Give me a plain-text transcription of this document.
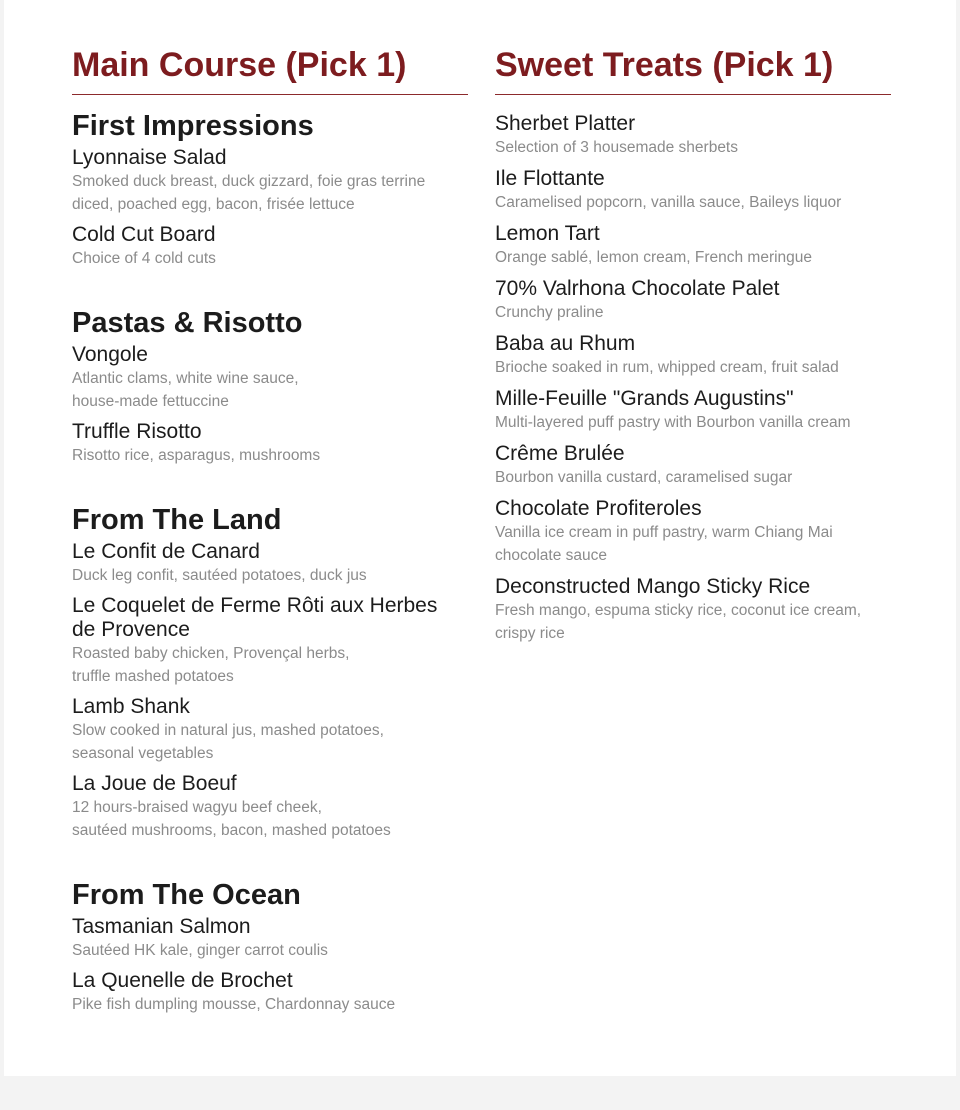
Main Course (Pick 1)
First Impressions
Lyonnaise Salad
Smoked duck breast, duck gizzard, foie gras terrine
diced, poached egg, bacon, frisée lettuce
Cold Cut Board
Choice of 4 cold cuts
Pastas & Risotto
Vongole
Atlantic clams, white wine sauce,
house-made fettuccine
Truffle Risotto
Risotto rice, asparagus, mushrooms
From The Land
Le Confit de Canard
Duck leg confit, sautéed potatoes, duck jus
Le Coquelet de Ferme Rôti aux Herbes
de Provence
Roasted baby chicken, Provençal herbs,
truffle mashed potatoes
Lamb Shank
Slow cooked in natural jus, mashed potatoes,
seasonal vegetables
La Joue de Boeuf
12 hours-braised wagyu beef cheek,
sautéed mushrooms, bacon, mashed potatoes
From The Ocean
Tasmanian Salmon
Sautéed HK kale, ginger carrot coulis
La Quenelle de Brochet
Pike fish dumpling mousse, Chardonnay sauce
Sweet Treats (Pick 1)
Sherbet Platter
Selection of 3 housemade sherbets
Ile Flottante
Caramelised popcorn, vanilla sauce, Baileys liquor
Lemon Tart
Orange sablé, lemon cream, French meringue
70% Valrhona Chocolate Palet
Crunchy praline
Baba au Rhum
Brioche soaked in rum, whipped cream, fruit salad
Mille-Feuille "Grands Augustins"
Multi-layered puff pastry with Bourbon vanilla cream
Crême Brulée
Bourbon vanilla custard, caramelised sugar
Chocolate Profiteroles
Vanilla ice cream in puff pastry, warm Chiang Mai
chocolate sauce
Deconstructed Mango Sticky Rice
Fresh mango, espuma sticky rice, coconut ice cream,
crispy rice
